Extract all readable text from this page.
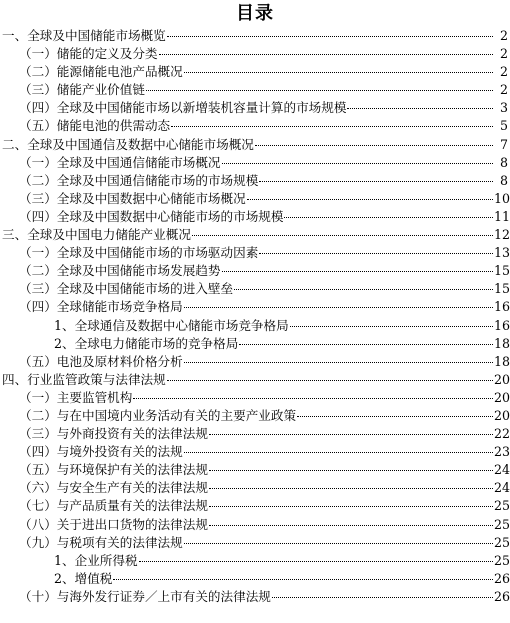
目录
一、全球及中国储能市场概览	2
（一）储能的定义及分类	2
（二）能源储能电池产品概况	2
（三）储能产业价值链	2
（四）全球及中国储能市场以新增装机容量计算的市场规模	3
（五）储能电池的供需动态	5
二、全球及中国通信及数据中心储能市场概况	7
（一）全球及中国通信储能市场概况	8
（二）全球及中国通信储能市场的市场规模	8
（三）全球及中国数据中心储能市场概况	10
（四）全球及中国数据中心储能市场的市场规模	11
三、全球及中国电力储能产业概况	12
（一）全球及中国储能市场的市场驱动因素	13
（二）全球及中国储能市场发展趋势	15
（三）全球及中国储能市场的进入壁垒	15
（四）全球储能市场竞争格局	16
1、全球通信及数据中心储能市场竞争格局	16
2、全球电力储能市场的竞争格局	18
（五）电池及原材料价格分析	18
四、行业监管政策与法律法规	20
（一）主要监管机构	20
（二）与在中国境内业务活动有关的主要产业政策	20
（三）与外商投资有关的法律法规	22
（四）与境外投资有关的法规	23
（五）与环境保护有关的法律法规	24
（六）与安全生产有关的法律法规	24
（七）与产品质量有关的法律法规	25
（八）关于进出口货物的法律法规	25
（九）与税项有关的法律法规	25
1、企业所得税	25
2、增值税	26
（十）与海外发行证券／上市有关的法律法规	26
